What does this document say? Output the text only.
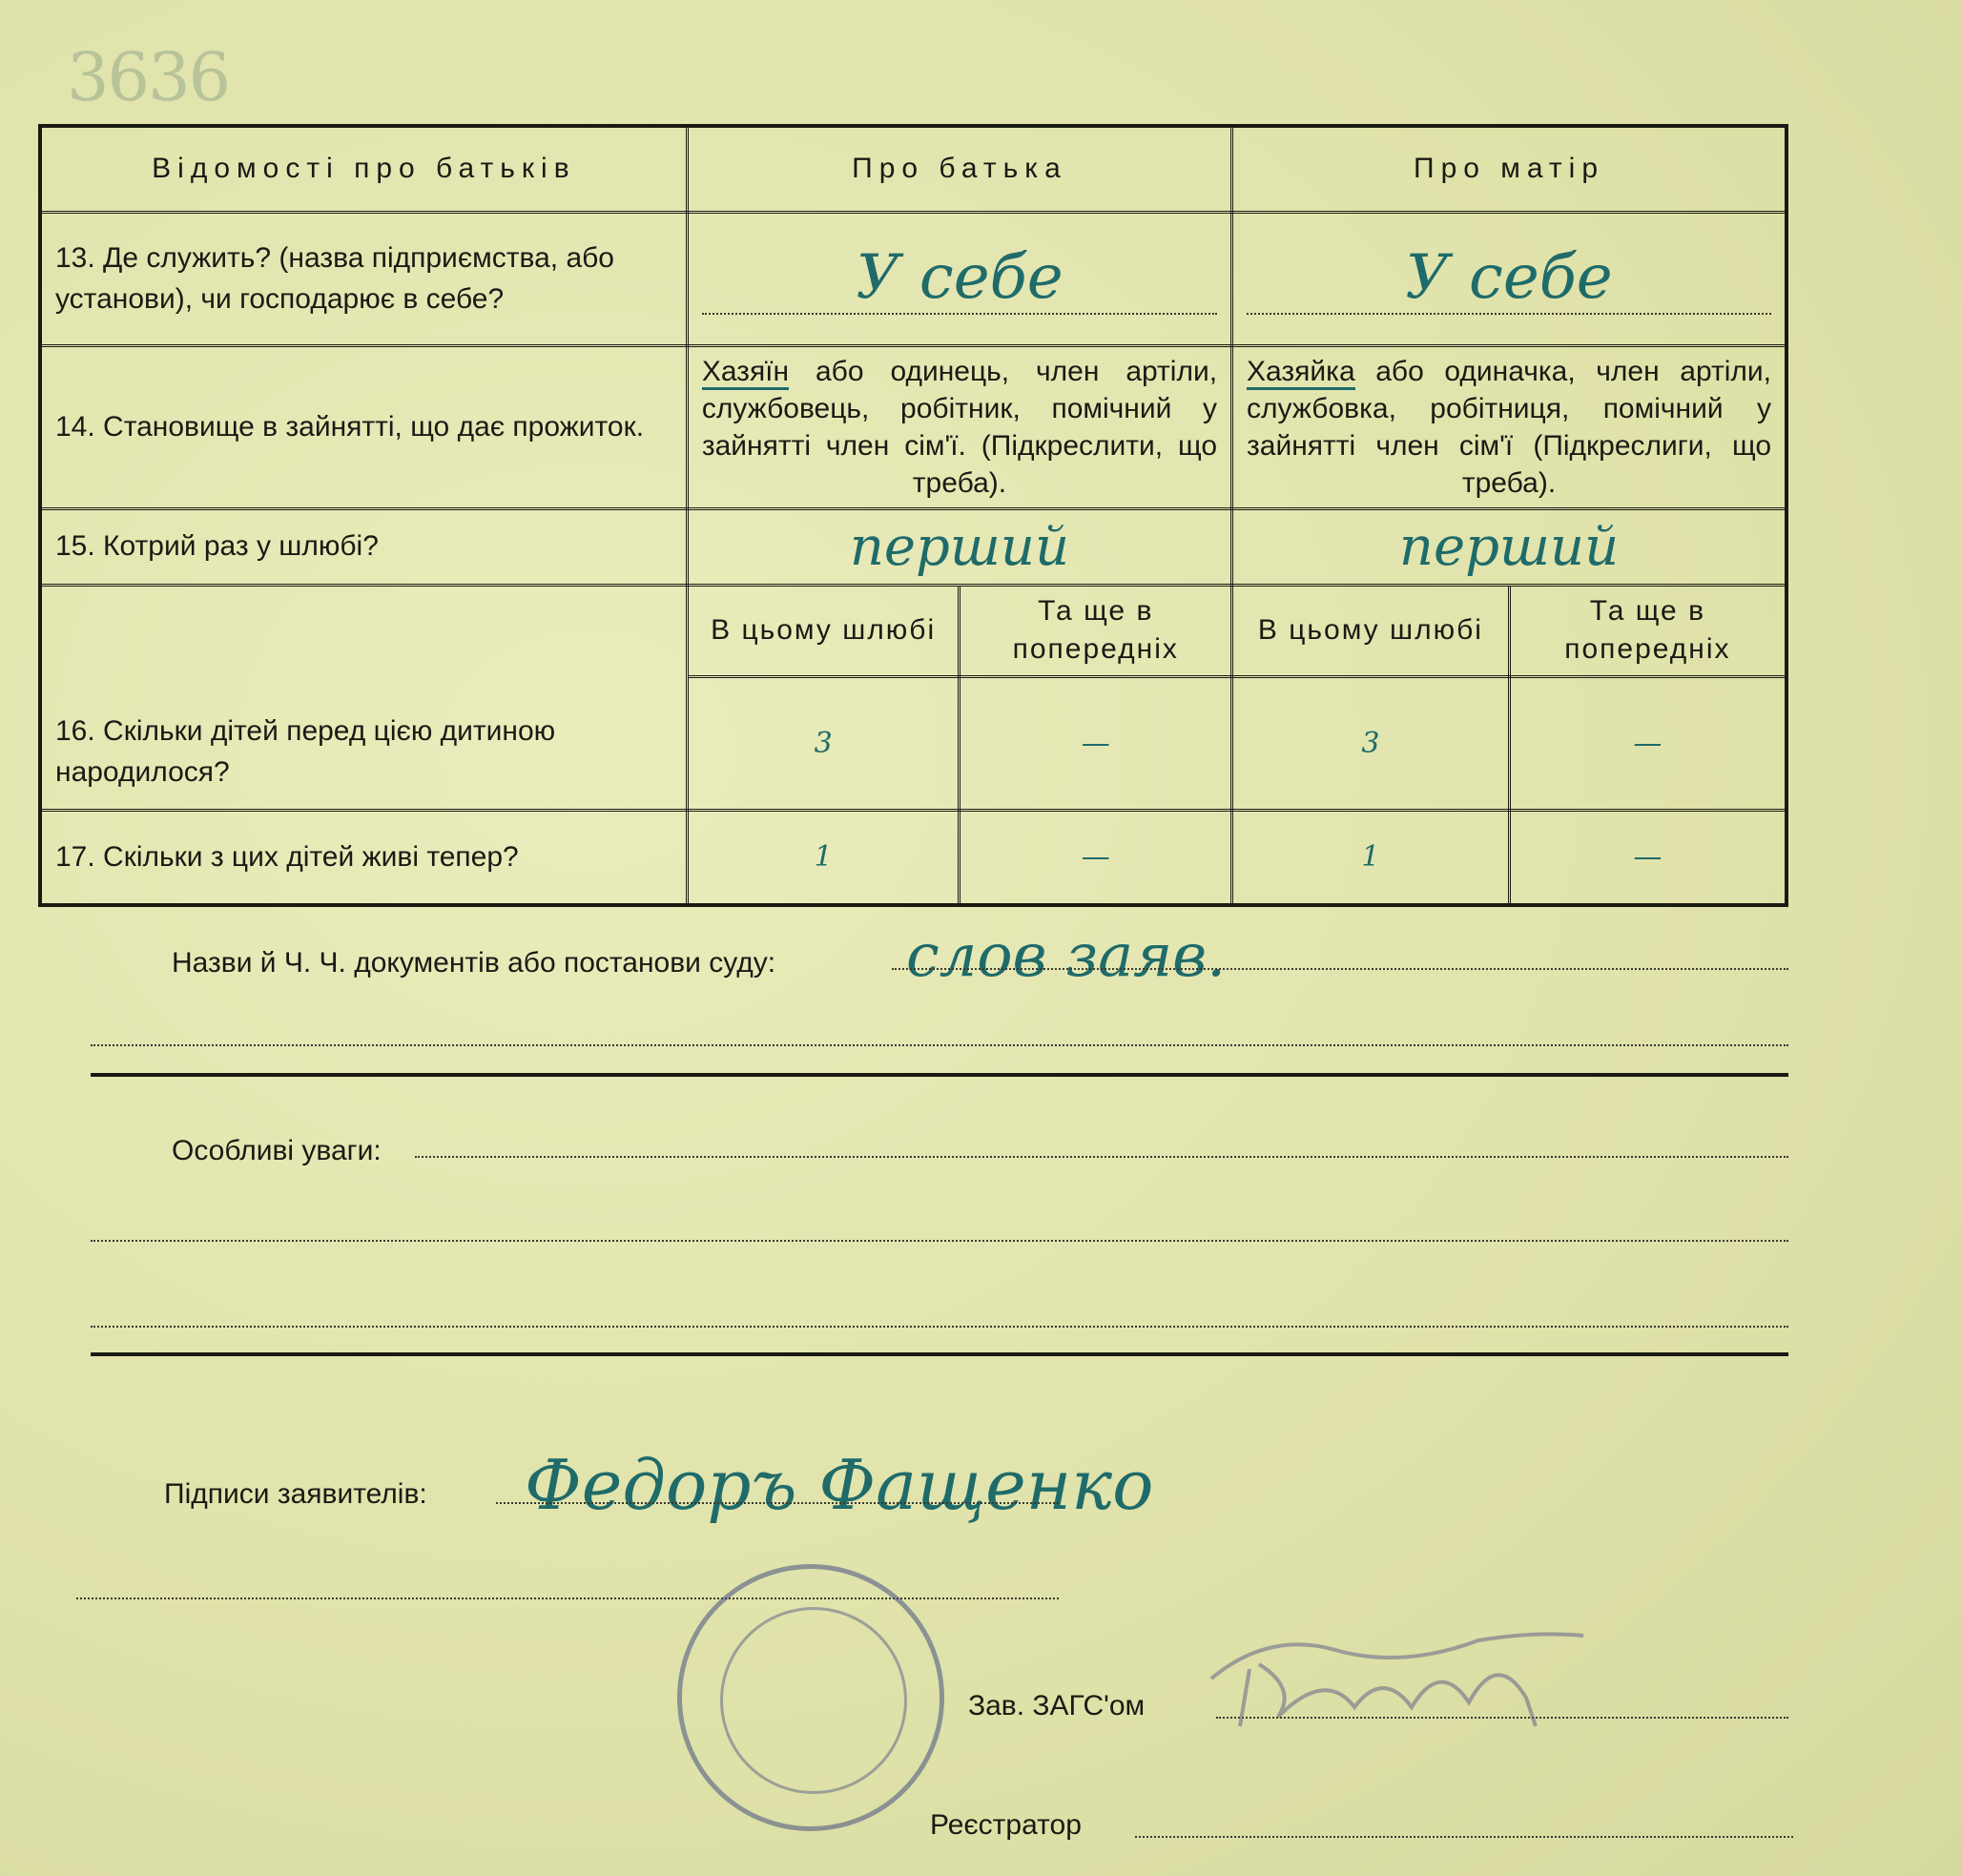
3636
Відомості про батьків	Про батька		Про матір	
13. Де служить? (назва підприємства, або установи), чи господарює в себе?	У себе		У себе	

14. Становище в зайнятті, що дає прожиток.	Хазяїн або одинець, член артіли, службовець, робітник, помічний у зайнятті член сім'ї. (Підкреслити, що треба).		Хазяйка або одиначка, член артіли, службовка, робітниця, помічний у зайнятті член сім'ї (Підкреслиги, що треба).	
15. Котрий раз у шлюбі?	перший		перший	
16. Скільки дітей перед цією дитиною народилося?	В цьому шлюбі	Та ще в попередніх	В цьому шлюбі	Та ще в попередніх
	3	—	3	—
17. Скільки з цих дітей живі тепер?	1	—	1	—
Назви й Ч. Ч. документів або постанови суду: слов заяв.
Особливі уваги:
Підписи заявителів: Федоръ Фащенко
Зав. ЗАГС'ом
Реєстратор
